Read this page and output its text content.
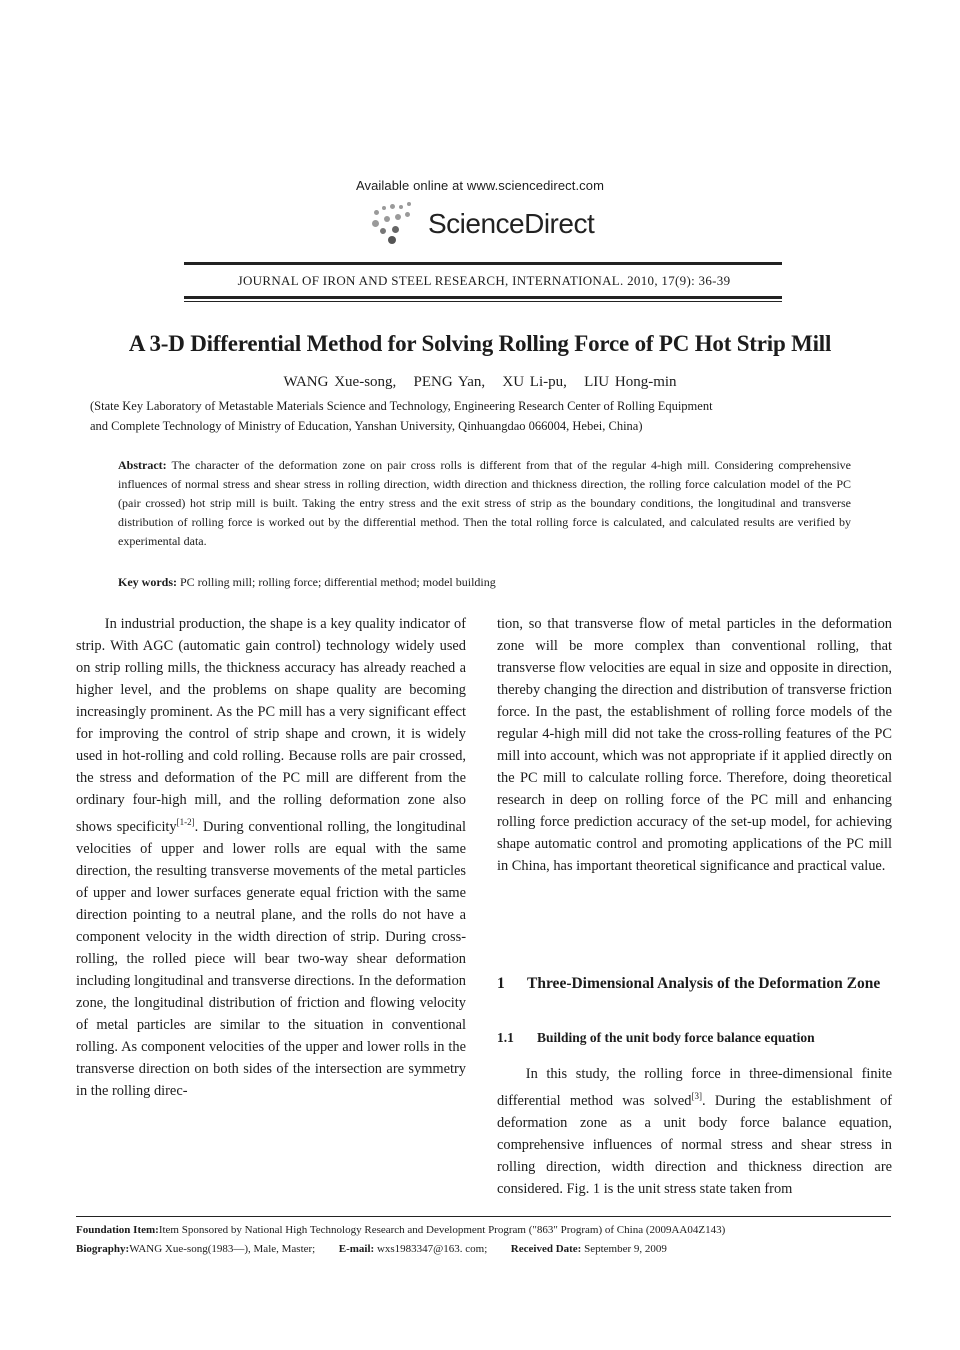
Available online at www.sciencedirect.com
ScienceDirect
JOURNAL OF IRON AND STEEL RESEARCH, INTERNATIONAL. 2010, 17(9): 36-39
A 3-D Differential Method for Solving Rolling Force of PC Hot Strip Mill
WANG Xue-song,   PENG Yan,   XU Li-pu,   LIU Hong-min
(State Key Laboratory of Metastable Materials Science and Technology, Engineering Research Center of Rolling Equipment
and Complete Technology of Ministry of Education, Yanshan University, Qinhuangdao 066004, Hebei, China)
Abstract: The character of the deformation zone on pair cross rolls is different from that of the regular 4-high mill. Considering comprehensive influences of normal stress and shear stress in rolling direction, width direction and thickness direction, the rolling force calculation model of the PC (pair crossed) hot strip mill is built. Taking the entry stress and the exit stress of strip as the boundary conditions, the longitudinal and transverse distribution of rolling force is worked out by the differential method. Then the total rolling force is calculated, and calculated results are verified by experimental data.
Key words: PC rolling mill; rolling force; differential method; model building

In industrial production, the shape is a key quality indicator of strip. With AGC (automatic gain control) technology widely used on strip rolling mills, the thickness accuracy has already reached a higher level, and the problems on shape quality are becoming increasingly prominent. As the PC mill has a very significant effect for improving the control of strip shape and crown, it is widely used in hot-rolling and cold rolling. Because rolls are pair crossed, the stress and deformation of the PC mill are different from the ordinary four-high mill, and the rolling deformation zone also shows specificity[1-2]. During conventional rolling, the longitudinal velocities of upper and lower rolls are equal with the same direction, the resulting transverse movements of the metal particles of upper and lower surfaces generate equal friction with the same direction pointing to a neutral plane, and the rolls do not have a component velocity in the width direction of strip. During cross-rolling, the rolled piece will bear two-way shear deformation including longitudinal and transverse directions. In the deformation zone, the longitudinal distribution of friction and flowing velocity of metal particles are similar to the situation in conventional rolling. As component velocities of the upper and lower rolls in the transverse direction on both sides of the intersection are symmetry in the rolling direc-

tion, so that transverse flow of metal particles in the deformation zone will be more complex than conventional rolling, that transverse flow velocities are equal in size and opposite in direction, thereby changing the direction and distribution of transverse friction force. In the past, the establishment of rolling force models of the regular 4-high mill did not take the cross-rolling features of the PC mill into account, which was not appropriate if it applied directly on the PC mill to calculate rolling force. Therefore, doing theoretical research in deep on rolling force of the PC mill and enhancing rolling force prediction accuracy of the set-up model, for achieving shape automatic control and promoting applications of the PC mill in China, has important theoretical significance and practical value.

1 Three-Dimensional Analysis of the Deformation Zone
1.1 Building of the unit body force balance equation

In this study, the rolling force in three-dimensional finite differential method was solved[3]. During the establishment of deformation zone as a unit body force balance equation, comprehensive influences of normal stress and shear stress in rolling direction, width direction and thickness direction are considered. Fig. 1 is the unit stress state taken from

Foundation Item:Item Sponsored by National High Technology Research and Development Program ("863" Program) of China (2009AA04Z143)
Biography:WANG Xue-song(1983—), Male, Master; E-mail: wxs1983347@163. com; Received Date: September 9, 2009
